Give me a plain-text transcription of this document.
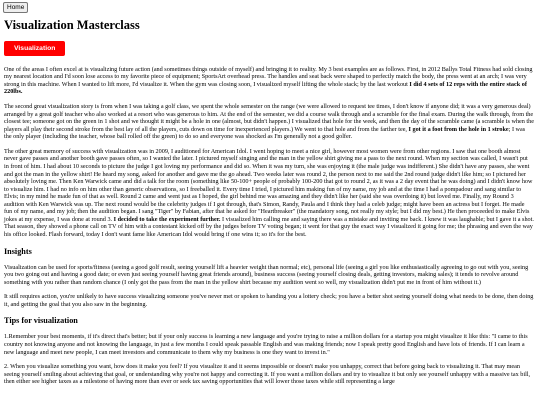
Home
Visualization Masterclass
Visualization

One of the areas I often excel at is visualizing future action (and sometimes things outside of myself) and bringing it to reality. My 3 best examples are as follows. First, in 2012 Ballys Total Fitness had sold closing my nearest location and I'd soon lose access to my favorite piece of equipment; SportsArt overhead press. The handles and seat back were shaped to perfectly match the body, the press went at an arch; I was very strong in this machine. When I wanted to lift more, I'd visualize it. When the gym was closing soon, I visualized myself lifting the whole stack; by the last workout I did 4 sets of 12 reps with the entire stack of 220lbs.

The second great visualization story is from when I was taking a golf class, we spent the whole semester on the range (we were allowed to request tee times, I don't know if anyone did; it was a very generous deal) arranged by a great golf teacher who also worked at a resort who was generous to him. At the end of the semester, we did a course walk through and a scramble for the final exam. During the walk through, from the closest tee; someone got on the green in 1 shot and we thought it might be a hole in one (almost, but didn't happen.) I visualized that hole for the week, and then the day of the scramble came (a scramble is when the players all play their second stroke from the best lay of all the players, cuts down on time for inexperienced players.) We went to that hole and from the farther tee, I got it a foot from the hole in 1 stroke; I was the only player (including the teacher, whose ball rolled off the green) to do so and everyone was shocked as I'm generally not a good golfer.

The other great memory of success with visualization was in 2009, I auditioned for American Idol. I went hoping to meet a nice girl, however most women were from other regions. I saw that one booth almost never gave passes and another booth gave passes often, so I wanted the later. I pictured myself singing and the man in the yellow shirt giving me a pass to the next round. When my section was called, I wasn't put in front of him. I had about 10 seconds to picture the judge I got loving my performance and did so. When it was my turn, she was enjoying it (the male judge was indifferent.) She didn't have any passes, she went and got the man in the yellow shirt! He heard my song, asked for another and gave me the go ahead. Two weeks later was round 2, the person next to me said the 2nd round judge didn't like him; so I pictured her absolutely loving me. Then Ken Warwick came and did a talk for the room (something like 50-100+ people of probably 100-200 that got to round 2, as it was a 2 day event that he was doing) and I didn't know how to visualize him. I had no info on him other than generic observations, so I freeballed it. Every time I tried, I pictured him making fun of my name, my job and at the time I had a pompadour and sang similar to Elvis; in my mind he made fun of that as well. Round 2 came and went just as I hoped, the girl behind me was amazing and they didn't like her (said she was overdoing it) but loved me. Finally, my Round 3 audition with Ken Warwick was up. The next round would be the celebrity judges if I got through, that's Simon, Randy, Paula and I think they had a celeb judge; might have been an actress but I forget. He made fun of my name, and my job; then the audition began. I sang "Tiger" by Fabian, after that he asked for "Heartbreaker" (the mandatory song, not really my style; but I did my best.) He then proceeded to make Elvis jokes at my expense, I was done at round 3. I decided to take the experiment further. I visualized him calling me and saying there was a mistake and inviting me back. I knew it was laughable; but I gave it a shot. That season, they showed a phone call on TV of him with a contestant kicked off by the judges before TV voting began; it went for that guy the exact way I visualized it going for me; the phrasing and even the way his office looked. Flash forward, today I don't want fame like American Idol would bring if one wins it; so it's for the best.

Insights

Visualization can be used for sports/fitness (seeing a good golf result, seeing yourself lift a heavier weight than normal; etc), personal life (seeing a girl you like enthusiastically agreeing to go out with you, seeing you two going out and having a good date; or even just seeing yourself having great friends around), business success (seeing yourself closing deals, getting investors, making sales); it tends to revolve around something with you rather than random chance (I only got the pass from the man in the yellow shirt because my audition went so well, my visualization didn't put me in front of him without it.)

It still requires action, you're unlikely to have success visualizing someone you've never met or spoken to handing you a lottery check; you have a better shot seeing yourself doing what needs to be done, then doing it, and getting the goal that you also saw in the beginning.

Tips for visualization

1.Remember your best moments, if it's direct that's better; but if your only success is learning a new language and you're trying to raise a million dollars for a startup you might visualize it like this: "I came to this country not knowing anyone and not knowing the language, in just a few months I could speak passable English and was making friends; now I speak pretty good English and have lots of friends. If I can learn a new language and meet new people, I can meet investors and communicate to them why my business is one they want to invest in."

2. When you visualize something you want, how does it make you feel? If you visualize it and it seems impossible or doesn't make you unhappy, correct that before going back to visualizing it. That may mean seeing yourself smiling about achieving that goal, or understanding why you're not happy and correcting it. If you want a million dollars and try to visualize it but only see yourself unhappy with a massive tax bill, then either see higher taxes as a milestone of having more than ever or seek tax saving opportunities that will lower those taxes while still representing a large
